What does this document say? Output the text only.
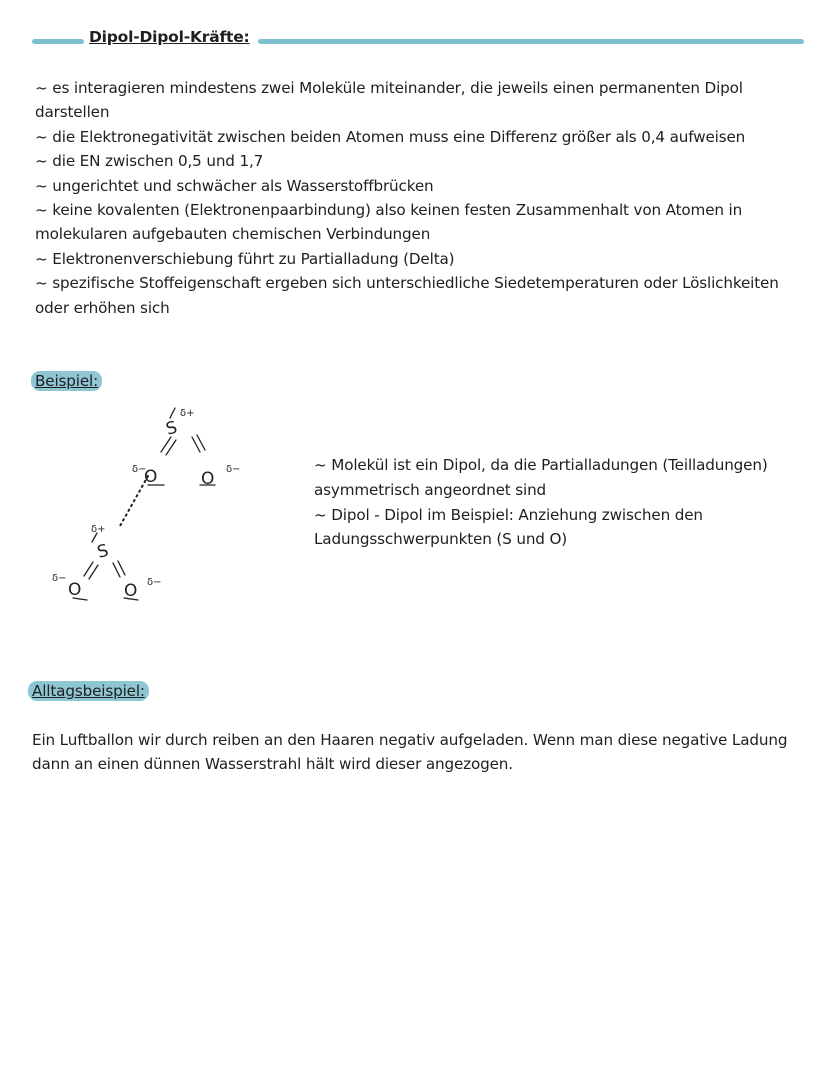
Dipol-Dipol-Kräfte:
~ es interagieren mindestens zwei Moleküle miteinander, die jeweils einen permanenten Dipol darstellen
~ die Elektronegativität zwischen beiden Atomen muss eine Differenz größer als 0,4 aufweisen
~ die EN zwischen 0,5 und 1,7
~ ungerichtet und schwächer als Wasserstoffbrücken
~ keine kovalenten (Elektronenpaarbindung) also keinen festen Zusammenhalt von Atomen in molekularen aufgebauten chemischen Verbindungen
~ Elektronenverschiebung führt zu Partialladung (Delta)
~ spezifische Stoffeigenschaft ergeben sich unterschiedliche Siedetemperaturen oder Löslichkeiten oder erhöhen sich
Beispiel:
S
δ+
O	O
δ−	δ−
S
δ+
O	O
δ−	δ−
~ Molekül ist ein Dipol, da die Partialladungen (Teilladungen) asymmetrisch angeordnet sind
~ Dipol - Dipol im Beispiel: Anziehung zwischen den Ladungsschwerpunkten (S und O)
Alltagsbeispiel:

Ein Luftballon wir durch reiben an den Haaren negativ aufgeladen. Wenn man diese negative Ladung dann an einen dünnen Wasserstrahl hält wird dieser angezogen.
